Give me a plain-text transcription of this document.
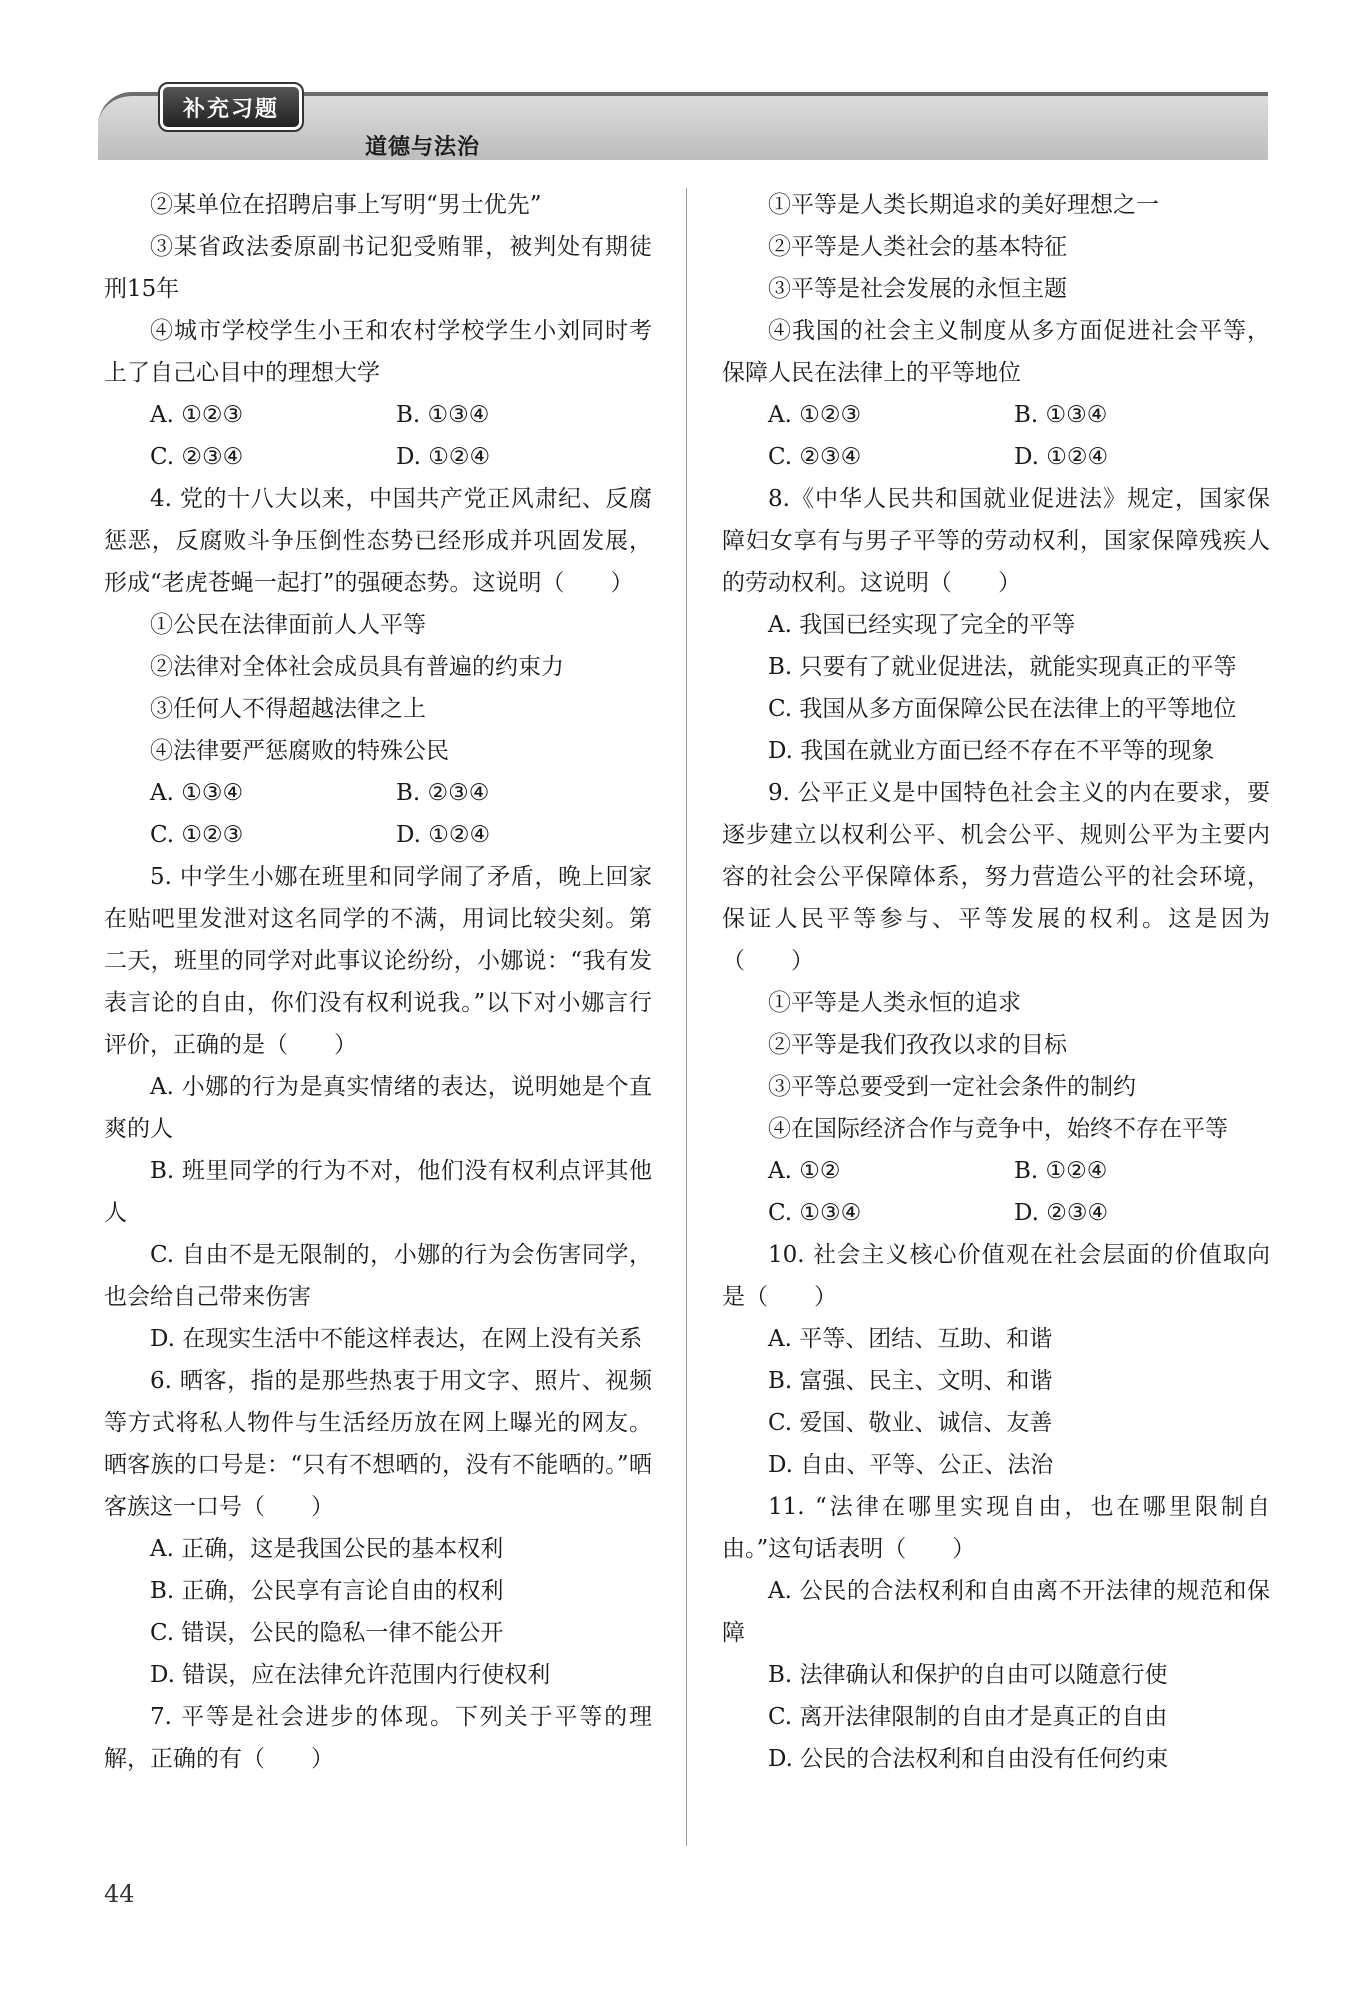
补充习题
道德与法治

②某单位在招聘启事上写明“男士优先”

③某省政法委原副书记犯受贿罪，被判处有期徒刑15年

④城市学校学生小王和农村学校学生小刘同时考上了自己心目中的理想大学

A. ①②③	B. ①③④
C. ②③④	D. ①②④

4. 党的十八大以来，中国共产党正风肃纪、反腐惩恶，反腐败斗争压倒性态势已经形成并巩固发展，形成“老虎苍蝇一起打”的强硬态势。这说明（　　）

①公民在法律面前人人平等

②法律对全体社会成员具有普遍的约束力

③任何人不得超越法律之上

④法律要严惩腐败的特殊公民

A. ①③④	B. ②③④
C. ①②③	D. ①②④

5. 中学生小娜在班里和同学闹了矛盾，晚上回家在贴吧里发泄对这名同学的不满，用词比较尖刻。第二天，班里的同学对此事议论纷纷，小娜说：“我有发表言论的自由，你们没有权利说我。”以下对小娜言行评价，正确的是（　　）

A. 小娜的行为是真实情绪的表达，说明她是个直爽的人

B. 班里同学的行为不对，他们没有权利点评其他人

C. 自由不是无限制的，小娜的行为会伤害同学，也会给自己带来伤害

D. 在现实生活中不能这样表达，在网上没有关系

6. 晒客，指的是那些热衷于用文字、照片、视频等方式将私人物件与生活经历放在网上曝光的网友。晒客族的口号是：“只有不想晒的，没有不能晒的。”晒客族这一口号（　　）

A. 正确，这是我国公民的基本权利

B. 正确，公民享有言论自由的权利

C. 错误，公民的隐私一律不能公开

D. 错误，应在法律允许范围内行使权利

7. 平等是社会进步的体现。下列关于平等的理解，正确的有（　　）

①平等是人类长期追求的美好理想之一

②平等是人类社会的基本特征

③平等是社会发展的永恒主题

④我国的社会主义制度从多方面促进社会平等，保障人民在法律上的平等地位

A. ①②③	B. ①③④
C. ②③④	D. ①②④

8.《中华人民共和国就业促进法》规定，国家保障妇女享有与男子平等的劳动权利，国家保障残疾人的劳动权利。这说明（　　）

A. 我国已经实现了完全的平等

B. 只要有了就业促进法，就能实现真正的平等

C. 我国从多方面保障公民在法律上的平等地位

D. 我国在就业方面已经不存在不平等的现象

9. 公平正义是中国特色社会主义的内在要求，要逐步建立以权利公平、机会公平、规则公平为主要内容的社会公平保障体系，努力营造公平的社会环境，保证人民平等参与、平等发展的权利。这是因为（　　）

①平等是人类永恒的追求

②平等是我们孜孜以求的目标

③平等总要受到一定社会条件的制约

④在国际经济合作与竞争中，始终不存在平等

A. ①②	B. ①②④
C. ①③④	D. ②③④

10. 社会主义核心价值观在社会层面的价值取向是（　　）

A. 平等、团结、互助、和谐

B. 富强、民主、文明、和谐

C. 爱国、敬业、诚信、友善

D. 自由、平等、公正、法治

11. “法律在哪里实现自由，也在哪里限制自由。”这句话表明（　　）

A. 公民的合法权利和自由离不开法律的规范和保障

B. 法律确认和保护的自由可以随意行使

C. 离开法律限制的自由才是真正的自由

D. 公民的合法权利和自由没有任何约束

44
